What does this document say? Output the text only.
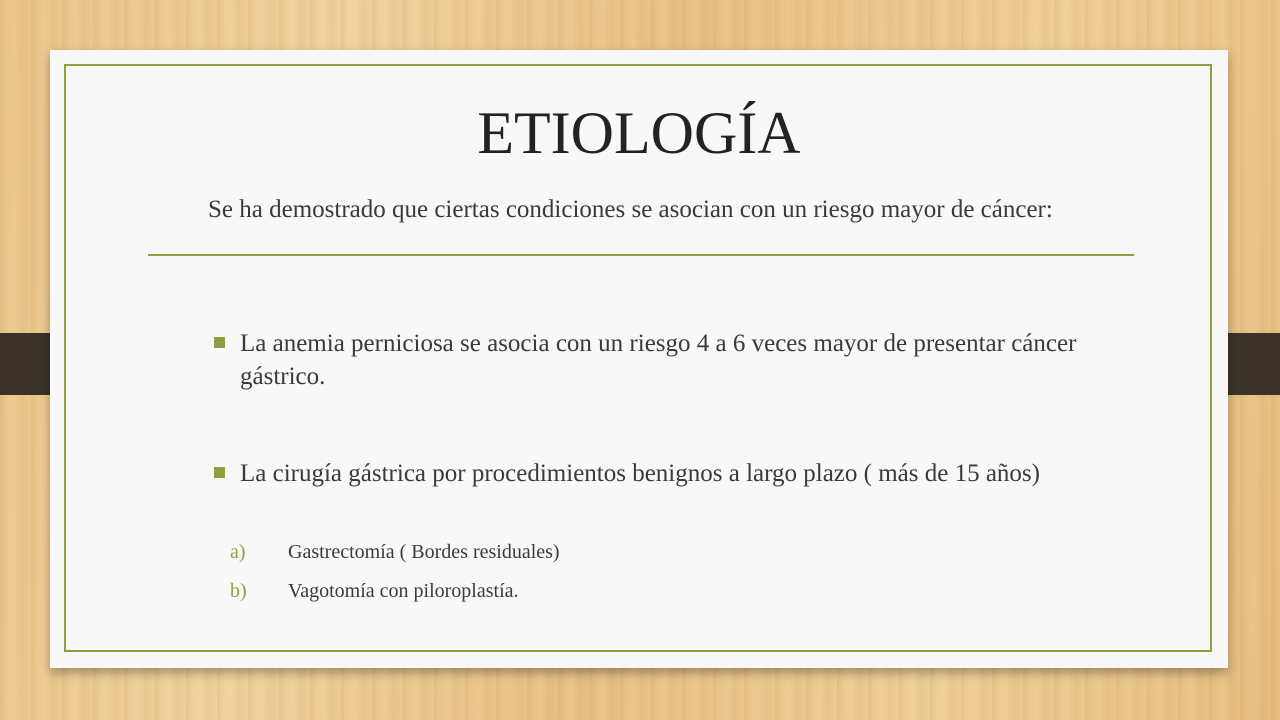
ETIOLOGÍA
Se ha demostrado que ciertas condiciones se asocian con un riesgo mayor de cáncer:
La anemia perniciosa se asocia con un riesgo 4 a 6 veces mayor de presentar cáncer gástrico.
La cirugía gástrica por procedimientos benignos a largo plazo ( más de 15 años)
a) Gastrectomía ( Bordes residuales)
b) Vagotomía con piloroplastía.
